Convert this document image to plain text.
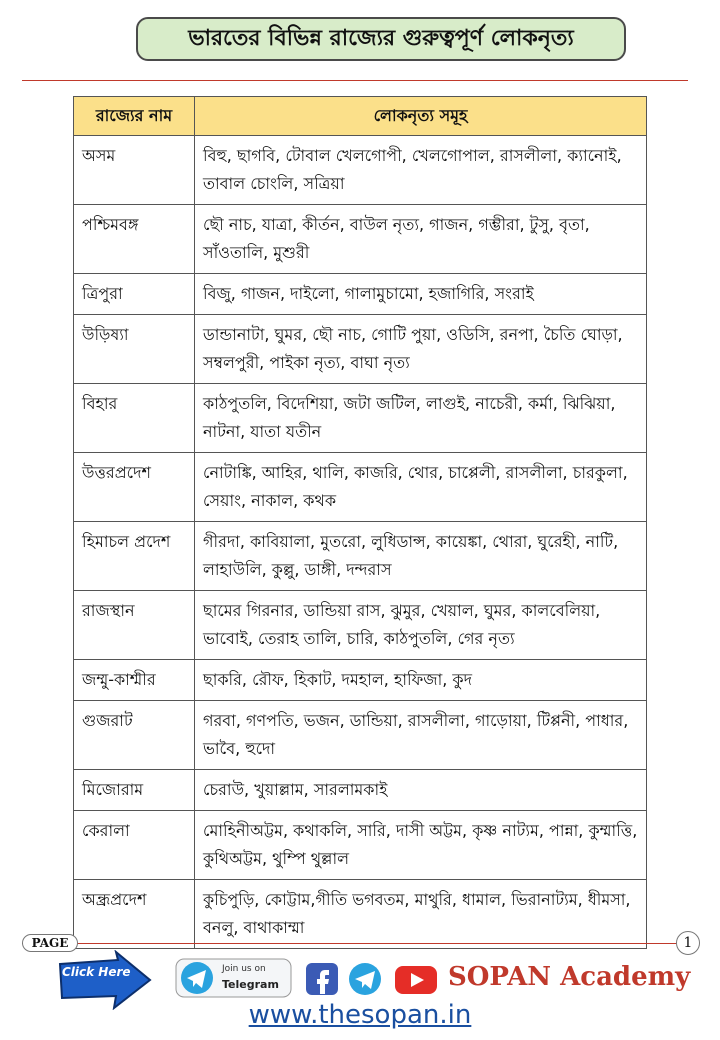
ভারতের বিভিন্ন রাজ্যের গুরুত্বপূর্ণ লোকনৃত্য
রাজ্যের নাম	লোকনৃত্য সমূহ
অসম	বিহু, ছাগবি, টোবাল খেলগোপী, খেলগোপাল, রাসলীলা, ক্যানোই, তাবাল চোংলি, সত্রিয়া
পশ্চিমবঙ্গ	ছৌ নাচ, যাত্রা, কীর্তন, বাউল নৃত্য, গাজন, গম্ভীরা, টুসু, বৃতা, সাঁওতালি, মুশুরী
ত্রিপুরা	বিজু, গাজন, দাইলো, গালামুচামো, হজাগিরি, সংরাই
উড়িষ্যা	ডান্ডানাটা, ঘুমর, ছৌ নাচ, গোটি পুয়া, ওডিসি, রনপা, চৈতি ঘোড়া, সম্বলপুরী, পাইকা নৃত্য, বাঘা নৃত্য
বিহার	কাঠপুতলি, বিদেশিয়া, জটা জটিল, লাগুই, নাচেরী, কর্মা, ঝিঝিয়া, নাটনা, যাতা যতীন
উত্তরপ্রদেশ	নোটাঙ্কি, আহির, থালি, কাজরি, থোর, চাপ্পেলী, রাসলীলা, চারকুলা, সেয়াং, নাকাল, কথক
হিমাচল প্রদেশ	গীরদা, কাবিয়ালা, মুতরো, লুধিডান্স, কায়েঙ্কা, থোরা, ঘুরেহী, নাটি, লাহাউলি, কুল্লু, ডাঙ্গী, দন্দরাস
রাজস্থান	ছামের গিরনার, ডান্ডিয়া রাস, ঝুমুর, খেয়াল, ঘুমর, কালবেলিয়া, ভাবোই, তেরাহ তালি, চারি, কাঠপুতলি, গের নৃত্য
জম্মু-কাশ্মীর	ছাকরি, রৌফ, হিকাট, দমহাল, হাফিজা, কুদ
গুজরাট	গরবা, গণপতি, ভজন, ডান্ডিয়া, রাসলীলা, গাড়োয়া, টিপ্পনী, পাধার, ভাবৈ, হুদো
মিজোরাম	চেরাউ, খুয়াল্লাম, সারলামকাই
কেরালা	মোহিনীঅট্টম, কথাকলি, সারি, দাসী অট্টম, কৃষ্ণ নাট্যম, পান্না, কুম্মাত্তি, কুথিঅট্টম, থুম্পি থুল্লাল
অন্ধ্রপ্রদেশ	কুচিপুড়ি, কোট্টাম,গীতি ভগবতম, মাথুরি, ধামাল, ভিরানাট্যম, ধীমসা, বনলু, বাথাকাম্মা
PAGE	1
Click Here	Join us on
Telegram	SOPAN Academy
www.thesopan.in
